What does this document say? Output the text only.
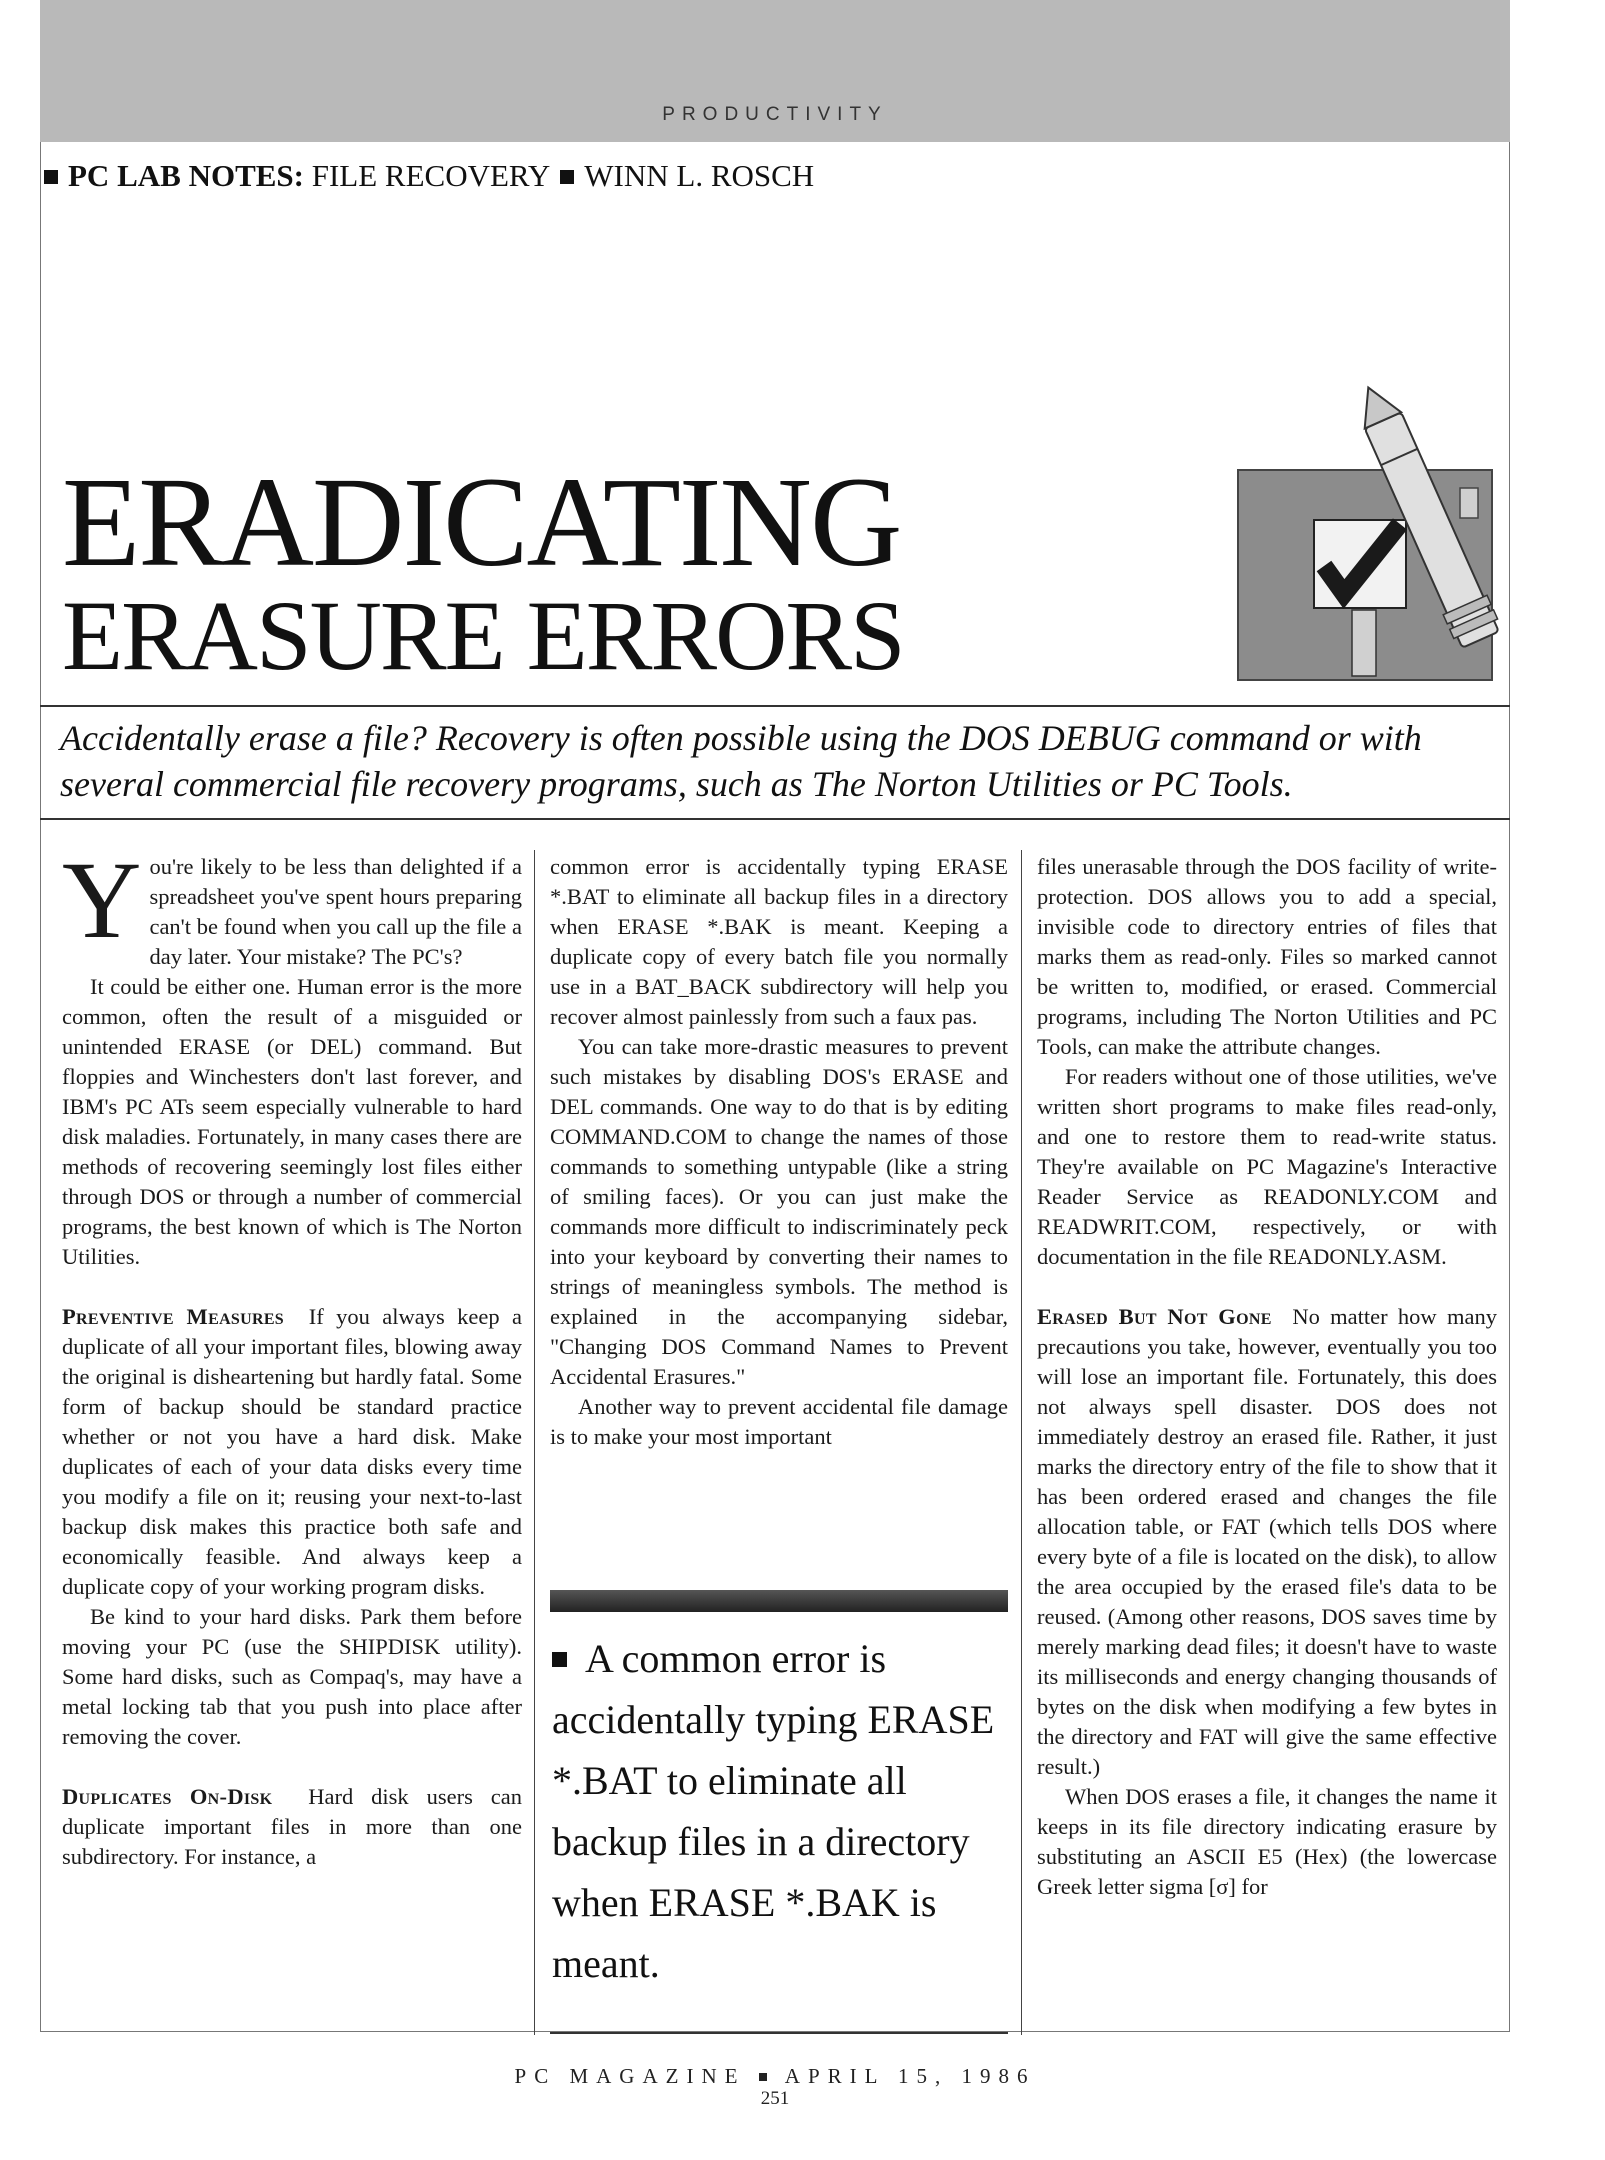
PRODUCTIVITY
PC LAB NOTES: FILE RECOVERY WINN L. ROSCH
ERADICATING
ERASURE ERRORS
Accidentally erase a file? Recovery is often possible using the DOS DEBUG command or with several commercial file recovery programs, such as The Norton Utilities or PC Tools.

You're likely to be less than delighted if a spreadsheet you've spent hours preparing can't be found when you call up the file a day later. Your mistake? The PC's?

It could be either one. Human error is the more common, often the result of a misguided or unintended ERASE (or DEL) command. But floppies and Winchesters don't last forever, and IBM's PC ATs seem especially vulnerable to hard disk maladies. Fortunately, in many cases there are methods of recovering seemingly lost files either through DOS or through a number of commercial programs, the best known of which is The Norton Utilities.

Preventive Measures If you always keep a duplicate of all your important files, blowing away the original is disheartening but hardly fatal. Some form of backup should be standard practice whether or not you have a hard disk. Make duplicates of each of your data disks every time you modify a file on it; reusing your next-to-last backup disk makes this practice both safe and economically feasible. And always keep a duplicate copy of your working program disks.

Be kind to your hard disks. Park them before moving your PC (use the SHIPDISK utility). Some hard disks, such as Compaq's, may have a metal locking tab that you push into place after removing the cover.

Duplicates On-Disk Hard disk users can duplicate important files in more than one subdirectory. For instance, a

common error is accidentally typing ERASE *.BAT to eliminate all backup files in a directory when ERASE *.BAK is meant. Keeping a duplicate copy of every batch file you normally use in a BAT_BACK subdirectory will help you recover almost painlessly from such a faux pas.

You can take more-drastic measures to prevent such mistakes by disabling DOS's ERASE and DEL commands. One way to do that is by editing COMMAND.COM to change the names of those commands to something untypable (like a string of smiling faces). Or you can just make the commands more difficult to indiscriminately peck into your keyboard by converting their names to strings of meaningless symbols. The method is explained in the accompanying sidebar, "Changing DOS Command Names to Prevent Accidental Erasures."

Another way to prevent accidental file damage is to make your most important

A common error is accidentally typing ERASE *.BAT to eliminate all backup files in a directory when ERASE *.BAK is meant.

files unerasable through the DOS facility of write-protection. DOS allows you to add a special, invisible code to directory entries of files that marks them as read-only. Files so marked cannot be written to, modified, or erased. Commercial programs, including The Norton Utilities and PC Tools, can make the attribute changes.

For readers without one of those utilities, we've written short programs to make files read-only, and one to restore them to read-write status. They're available on PC Magazine's Interactive Reader Service as READONLY.COM and READWRIT.COM, respectively, or with documentation in the file READONLY.ASM.

Erased But Not Gone No matter how many precautions you take, however, eventually you too will lose an important file. Fortunately, this does not always spell disaster. DOS does not immediately destroy an erased file. Rather, it just marks the directory entry of the file to show that it has been ordered erased and changes the file allocation table, or FAT (which tells DOS where every byte of a file is located on the disk), to allow the area occupied by the erased file's data to be reused. (Among other reasons, DOS saves time by merely marking dead files; it doesn't have to waste its milliseconds and energy changing thousands of bytes on the disk when modifying a few bytes in the directory and FAT will give the same effective result.)

When DOS erases a file, it changes the name it keeps in its file directory indicating erasure by substituting an ASCII E5 (Hex) (the lowercase Greek letter sigma [σ] for

PC MAGAZINE APRIL 15, 1986
251
